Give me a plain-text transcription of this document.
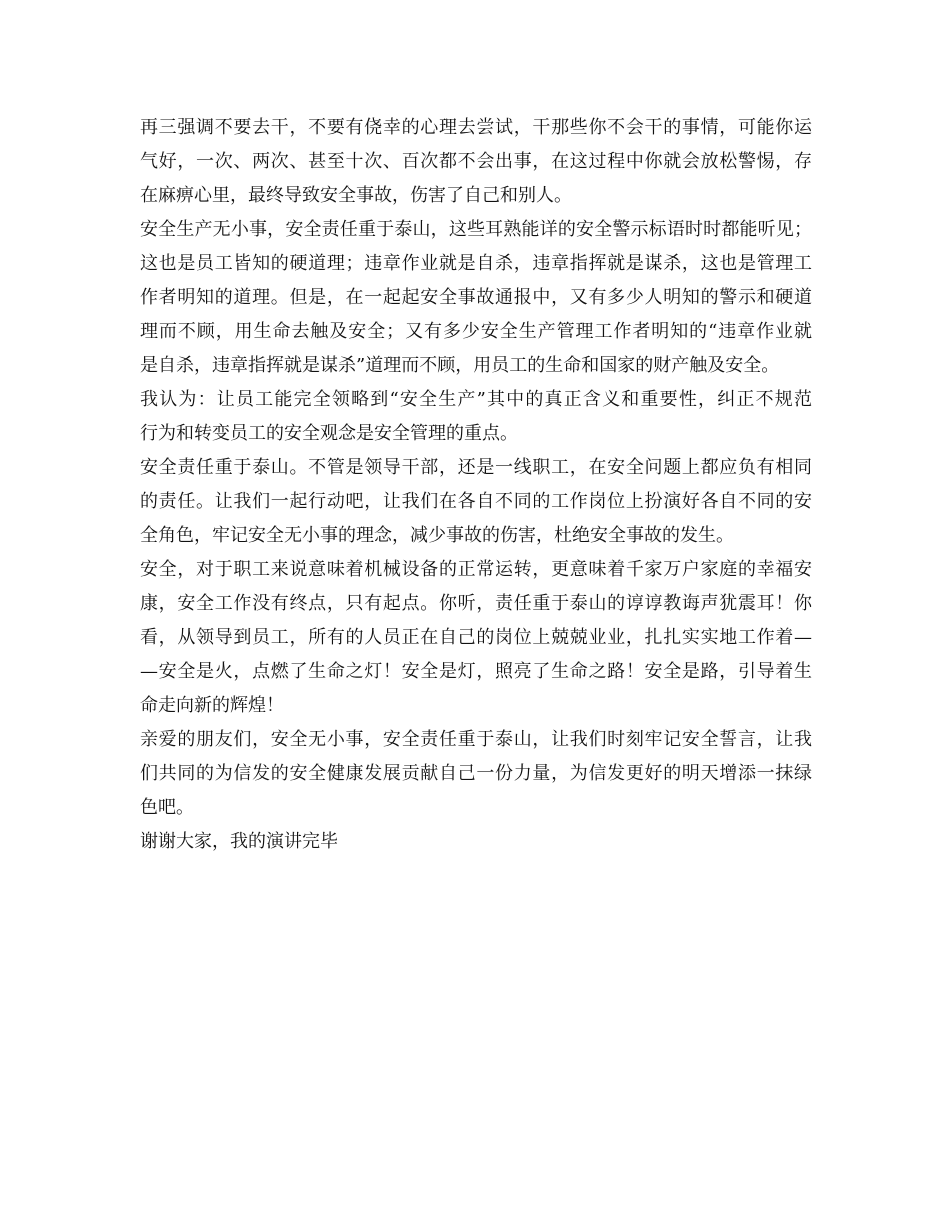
再三强调不要去干，不要有侥幸的心理去尝试，干那些你不会干的事情，可能你运
气好，一次、两次、甚至十次、百次都不会出事，在这过程中你就会放松警惕，存
在麻痹心里，最终导致安全事故，伤害了自己和别人。

安全生产无小事，安全责任重于泰山，这些耳熟能详的安全警示标语时时都能听见；
这也是员工皆知的硬道理；违章作业就是自杀，违章指挥就是谋杀，这也是管理工
作者明知的道理。但是，在一起起安全事故通报中，又有多少人明知的警示和硬道
理而不顾，用生命去触及安全；又有多少安全生产管理工作者明知的“违章作业就
是自杀，违章指挥就是谋杀”道理而不顾，用员工的生命和国家的财产触及安全。

我认为：让员工能完全领略到“安全生产”其中的真正含义和重要性，纠正不规范
行为和转变员工的安全观念是安全管理的重点。

安全责任重于泰山。不管是领导干部，还是一线职工，在安全问题上都应负有相同
的责任。让我们一起行动吧，让我们在各自不同的工作岗位上扮演好各自不同的安
全角色，牢记安全无小事的理念，减少事故的伤害，杜绝安全事故的发生。

安全，对于职工来说意味着机械设备的正常运转，更意味着千家万户家庭的幸福安
康，安全工作没有终点，只有起点。你听，责任重于泰山的谆谆教诲声犹震耳！你
看，从领导到员工，所有的人员正在自己的岗位上兢兢业业，扎扎实实地工作着—
—安全是火，点燃了生命之灯！安全是灯，照亮了生命之路！安全是路，引导着生
命走向新的辉煌！

亲爱的朋友们，安全无小事，安全责任重于泰山，让我们时刻牢记安全誓言，让我
们共同的为信发的安全健康发展贡献自己一份力量，为信发更好的明天增添一抹绿
色吧。

谢谢大家，我的演讲完毕
